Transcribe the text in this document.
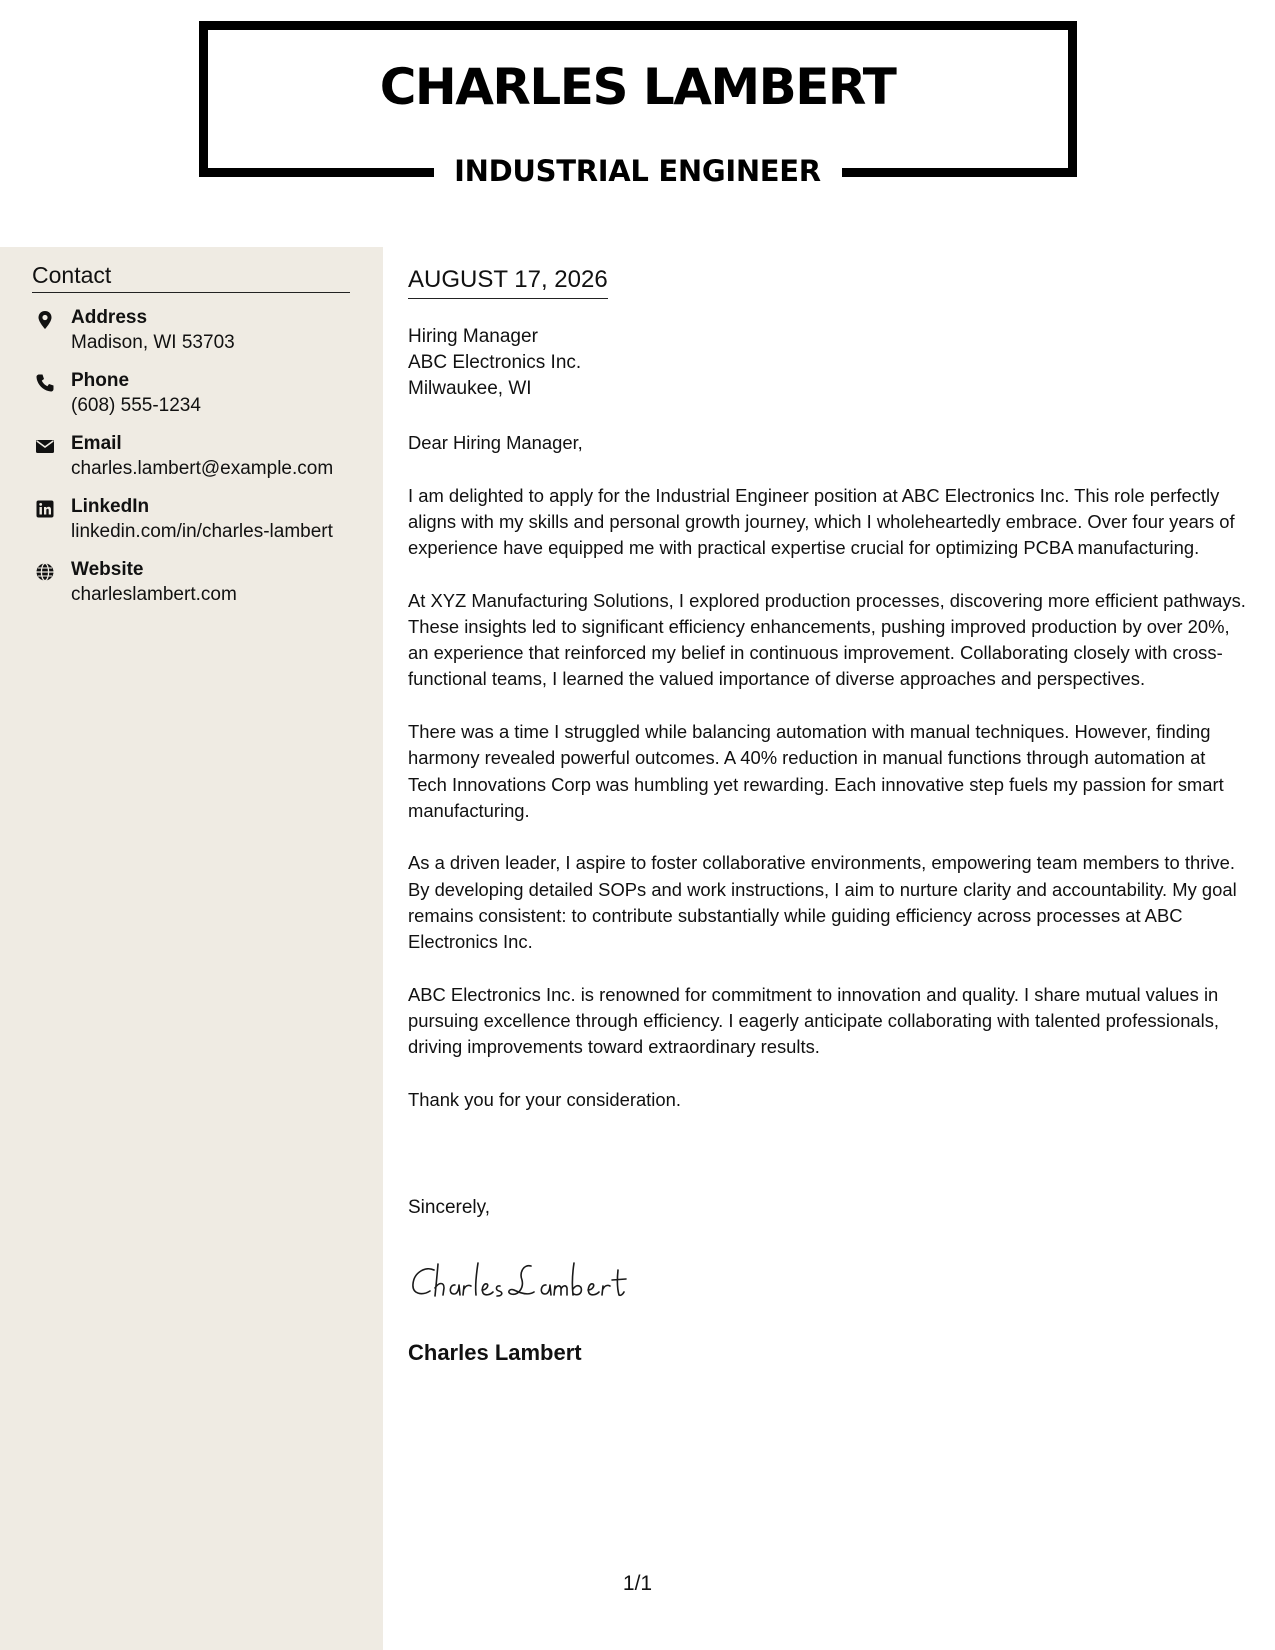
CHARLES LAMBERT
INDUSTRIAL ENGINEER
Contact
Address
Madison, WI 53703
Phone
(608) 555-1234
Email
charles.lambert@example.com
LinkedIn
linkedin.com/in/charles-lambert
Website
charleslambert.com
AUGUST 17, 2026
Hiring Manager
ABC Electronics Inc.
Milwaukee, WI

Dear Hiring Manager,

I am delighted to apply for the Industrial Engineer position at ABC Electronics Inc. This role perfectly aligns with my skills and personal growth journey, which I wholeheartedly embrace. Over four years of experience have equipped me with practical expertise crucial for optimizing PCBA manufacturing.

At XYZ Manufacturing Solutions, I explored production processes, discovering more efficient pathways. These insights led to significant efficiency enhancements, pushing improved production by over 20%, an experience that reinforced my belief in continuous improvement. Collaborating closely with cross-functional teams, I learned the valued importance of diverse approaches and perspectives.

There was a time I struggled while balancing automation with manual techniques. However, finding harmony revealed powerful outcomes. A 40% reduction in manual functions through automation at Tech Innovations Corp was humbling yet rewarding. Each innovative step fuels my passion for smart manufacturing.

As a driven leader, I aspire to foster collaborative environments, empowering team members to thrive. By developing detailed SOPs and work instructions, I aim to nurture clarity and accountability. My goal remains consistent: to contribute substantially while guiding efficiency across processes at ABC Electronics Inc.

ABC Electronics Inc. is renowned for commitment to innovation and quality. I share mutual values in pursuing excellence through efficiency. I eagerly anticipate collaborating with talented professionals, driving improvements toward extraordinary results.

Thank you for your consideration.

Sincerely,
Charles Lambert
1/1
